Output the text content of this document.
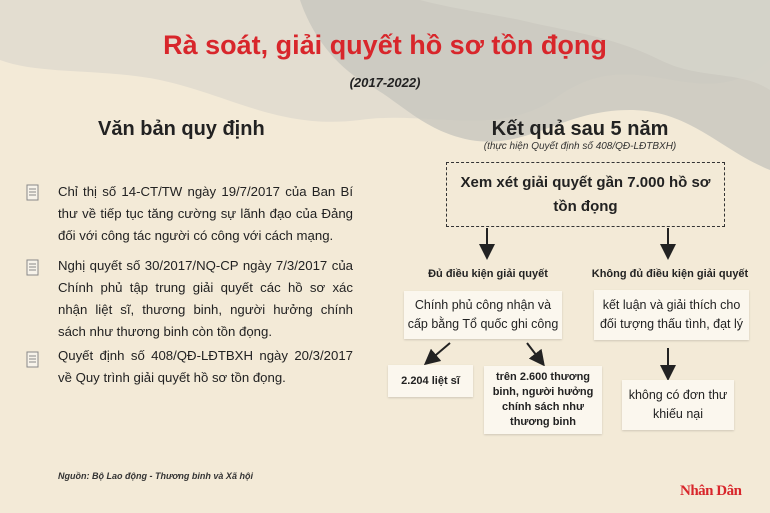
Rà soát, giải quyết hồ sơ tồn đọng
(2017-2022)
Văn bản quy định
Chỉ thị số 14-CT/TW ngày 19/7/2017 của Ban Bí thư về tiếp tục tăng cường sự lãnh đạo của Đảng đối với công tác người có công với cách mạng.
Nghị quyết số 30/2017/NQ-CP ngày 7/3/2017 của Chính phủ tập trung giải quyết các hồ sơ xác nhận liệt sĩ, thương binh, người hưởng chính sách như thương binh còn tồn đọng.
Quyết định số 408/QĐ-LĐTBXH ngày 20/3/2017 về Quy trình giải quyết hồ sơ tồn đọng.
Kết quả sau 5 năm
(thực hiện Quyết định số 408/QĐ-LĐTBXH)
Xem xét giải quyết gần 7.000 hồ sơ tồn đọng
Đủ điều kiện giải quyết	Không đủ điều kiện giải quyết
Chính phủ công nhận và cấp bằng Tổ quốc ghi công
kết luận và giải thích cho đối tượng thấu tình, đạt lý
2.204 liệt sĩ	trên 2.600 thương binh, người hưởng chính sách như thương binh
không có đơn thư khiếu nại
Nguồn: Bộ Lao động - Thương binh và Xã hội
Nhân Dân
